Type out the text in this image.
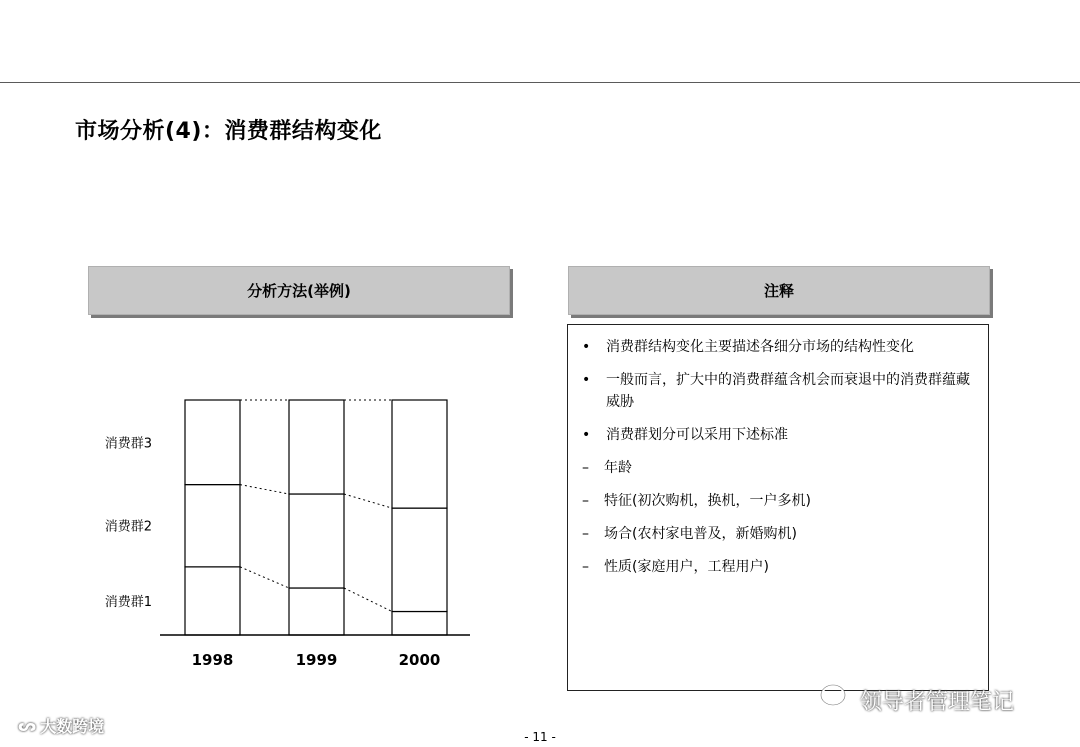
市场分析(4)：消费群结构变化
分析方法(举例)	注释
1998	1999	2000
消费群1
消费群2
消费群3
•	消费群结构变化主要描述各细分市场的结构性变化
•	一般而言，扩大中的消费群蕴含机会而衰退中的消费群蕴藏威胁
•	消费群划分可以采用下述标准
–	年龄
–	特征(初次购机，换机，一户多机)
–	场合(农村家电普及，新婚购机)
–	性质(家庭用户，工程用户)
- 11 -
ᔕ 大数跨境
领导者管理笔记
